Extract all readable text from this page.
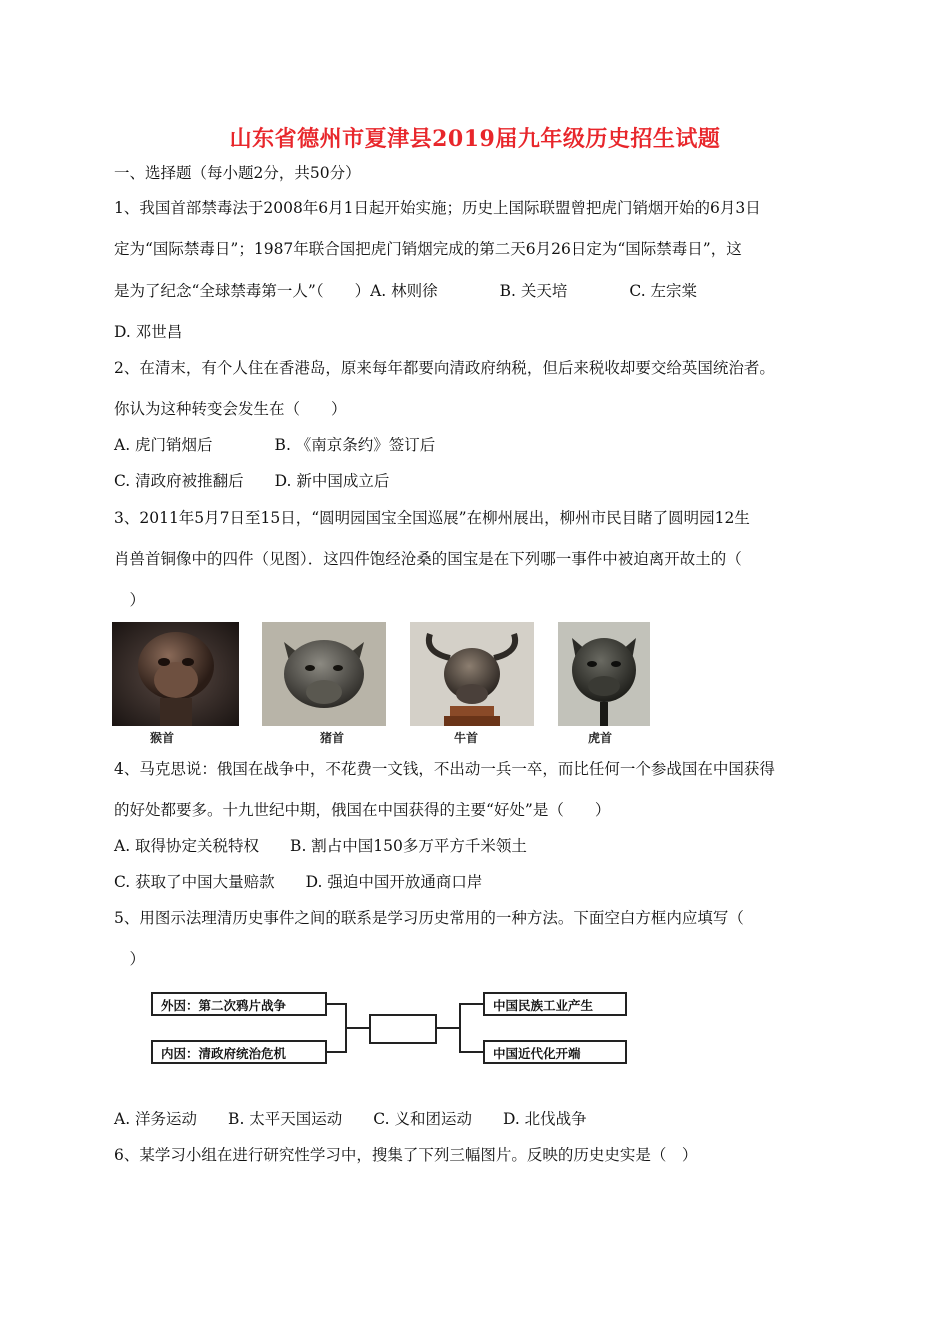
山东省德州市夏津县2019届九年级历史招生试题
一、选择题（每小题2分，共50分）
1、我国首部禁毒法于2008年6月1日起开始实施；历史上国际联盟曾把虎门销烟开始的6月3日
定为“国际禁毒日”；1987年联合国把虎门销烟完成的第二天6月26日定为“国际禁毒日”，这
是为了纪念“全球禁毒第一人”（　　）A. 林则徐　　　　B. 关天培　　　　C. 左宗棠
D. 邓世昌
2、在清末，有个人住在香港岛，原来每年都要向清政府纳税，但后来税收却要交给英国统治者。
你认为这种转变会发生在（　　）
A. 虎门销烟后　　　　B. 《南京条约》签订后
C. 清政府被推翻后　　D. 新中国成立后
3、2011年5月7日至15日，“圆明园国宝全国巡展”在柳州展出，柳州市民目睹了圆明园12生
肖兽首铜像中的四件（见图）．这四件饱经沧桑的国宝是在下列哪一事件中被迫离开故土的（
　）
猴首	猪首	牛首	虎首
4、马克思说：俄国在战争中，不花费一文钱，不出动一兵一卒，而比任何一个参战国在中国获得
的好处都要多。十九世纪中期，俄国在中国获得的主要“好处”是（　　）
A. 取得协定关税特权　　B. 割占中国150多万平方千米领土
C. 获取了中国大量赔款　　D. 强迫中国开放通商口岸
5、用图示法理清历史事件之间的联系是学习历史常用的一种方法。下面空白方框内应填写（
　）
外因：第二次鸦片战争
内因：清政府统治危机
中国民族工业产生
中国近代化开端
A. 洋务运动　　B. 太平天国运动　　C. 义和团运动　　D. 北伐战争
6、某学习小组在进行研究性学习中，搜集了下列三幅图片。反映的历史史实是（　）
